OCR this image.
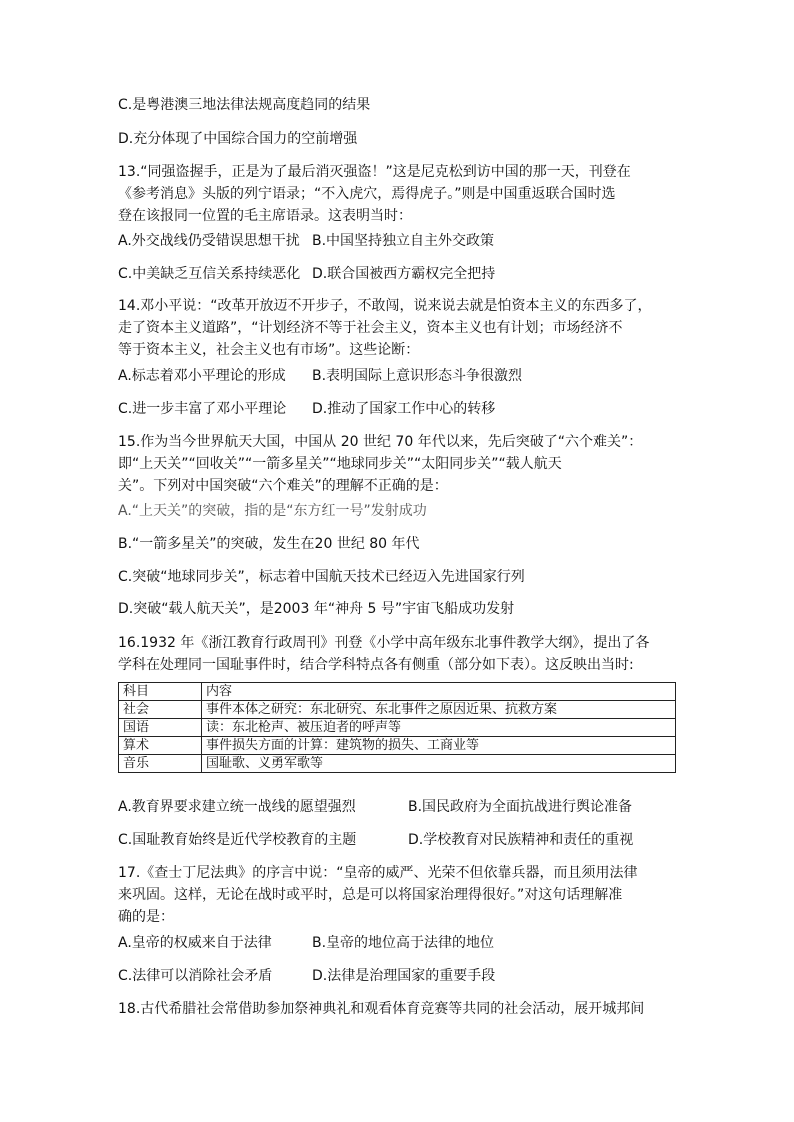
C.是粤港澳三地法律法规高度趋同的结果
D.充分体现了中国综合国力的空前增强
13.“同强盗握手，正是为了最后消灭强盗！”这是尼克松到访中国的那一天，刊登在
《参考消息》头版的列宁语录；“不入虎穴，焉得虎子。”则是中国重返联合国时选
登在该报同一位置的毛主席语录。这表明当时：
A.外交战线仍受错误思想干扰 B.中国坚持独立自主外交政策
C.中美缺乏互信关系持续恶化 D.联合国被西方霸权完全把持
14.邓小平说：“改革开放迈不开步子，不敢闯，说来说去就是怕资本主义的东西多了，
走了资本主义道路”，“计划经济不等于社会主义，资本主义也有计划；市场经济不
等于资本主义，社会主义也有市场”。这些论断：
A.标志着邓小平理论的形成 B.表明国际上意识形态斗争很激烈
C.进一步丰富了邓小平理论 D.推动了国家工作中心的转移
15.作为当今世界航天大国，中国从 20 世纪 70 年代以来，先后突破了“六个难关”：
即“上天关”“回收关”“一箭多星关”“地球同步关”“太阳同步关”“载人航天
关”。下列对中国突破“六个难关”的理解不正确的是：
A.“上天关”的突破，指的是“东方红一号”发射成功
B.“一箭多星关”的突破，发生在20 世纪 80 年代
C.突破“地球同步关”，标志着中国航天技术已经迈入先进国家行列
D.突破“载人航天关”，是2003 年“神舟 5 号”宇宙飞船成功发射
16.1932 年《浙江教育行政周刊》刊登《小学中高年级东北事件教学大纲》，提出了各
学科在处理同一国耻事件时，结合学科特点各有侧重（部分如下表）。这反映出当时:
科目	内容
社会	事件本体之研究：东北研究、东北事件之原因近果、抗救方案
国语	读：东北枪声、被压迫者的呼声等
算术	事件损失方面的计算：建筑物的损失、工商业等
音乐	国耻歌、义勇军歌等
A.教育界要求建立统一战线的愿望强烈	B.国民政府为全面抗战进行舆论准备
C.国耻教育始终是近代学校教育的主题	D.学校教育对民族精神和责任的重视
17.《查士丁尼法典》的序言中说：“皇帝的威严、光荣不但依靠兵器，而且须用法律
来巩固。这样，无论在战时或平时，总是可以将国家治理得很好。”对这句话理解准
确的是：
A.皇帝的权威来自于法律	B.皇帝的地位高于法律的地位
C.法律可以消除社会矛盾	D.法律是治理国家的重要手段
18.古代希腊社会常借助参加祭神典礼和观看体育竞赛等共同的社会活动，展开城邦间
